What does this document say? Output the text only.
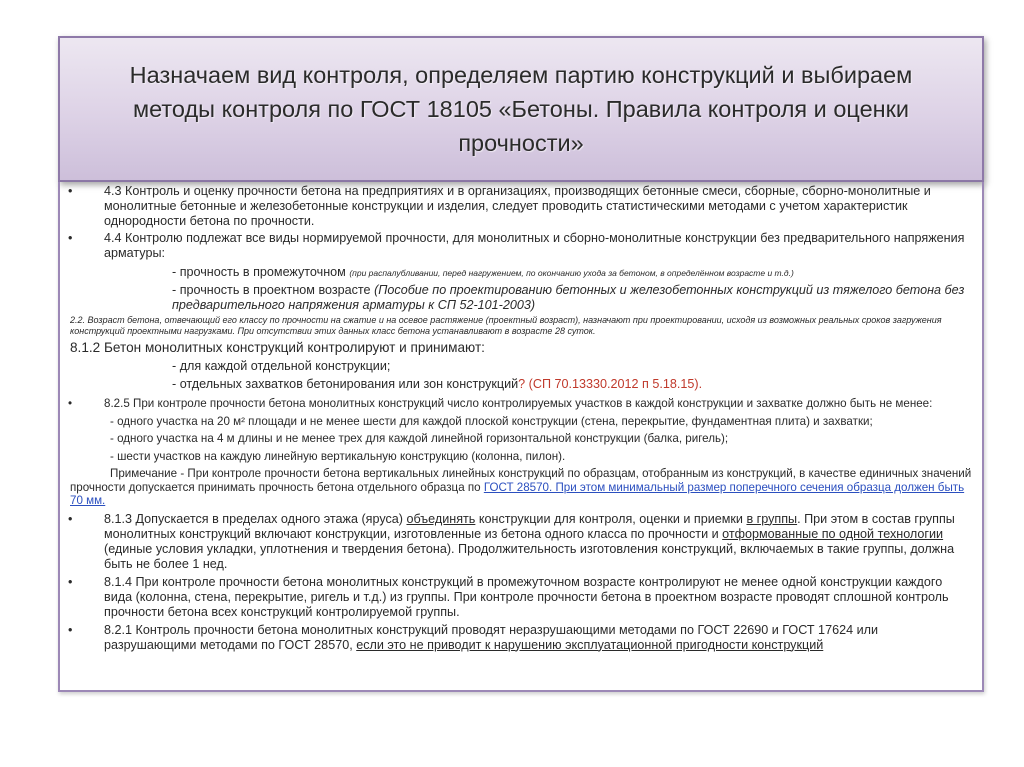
Назначаем вид контроля, определяем партию конструкций и выбираем
методы контроля по ГОСТ 18105 «Бетоны. Правила контроля и оценки
прочности»
•	4.3 Контроль и оценку прочности бетона на предприятиях и в организациях, производящих бетонные смеси, сборные, сборно-монолитные и монолитные бетонные и железобетонные конструкции и изделия, следует проводить статистическими методами с учетом характеристик однородности бетона по прочности.
•	4.4 Контролю подлежат все виды нормируемой прочности, для монолитных и сборно-монолитные конструкции без предварительного напряжения арматуры:
- прочность в промежуточном (при распалубливании, перед нагружением, по окончанию ухода за бетоном, в определённом возрасте и т.д.)
- прочность в проектном возрасте (Пособие по проектированию бетонных и железобетонных конструкций из тяжелого бетона без предварительного напряжения арматуры к СП 52-101-2003)
2.2. Возраст бетона, отвечающий его классу по прочности на сжатие и на осевое растяжение (проектный возраст), назначают при проектировании, исходя из возможных реальных сроков загружения конструкций проектными нагрузками. При отсутствии этих данных класс бетона устанавливают в возрасте 28 суток.
8.1.2 Бетон монолитных конструкций контролируют и принимают:
- для каждой отдельной конструкции;
- отдельных захватков бетонирования или зон конструкций? (СП 70.13330.2012 п 5.18.15).
•	8.2.5 При контроле прочности бетона монолитных конструкций число контролируемых участков в каждой конструкции и захватке должно быть не менее:
- одного участка на 20 м² площади и не менее шести для каждой плоской конструкции (стена, перекрытие, фундаментная плита) и захватки;
- одного участка на 4 м длины и не менее трех для каждой линейной горизонтальной конструкции (балка, ригель);
- шести участков на каждую линейную вертикальную конструкцию (колонна, пилон).
Примечание - При контроле прочности бетона вертикальных линейных конструкций по образцам, отобранным из конструкций, в качестве единичных значений прочности допускается принимать прочность бетона отдельного образца по ГОСТ 28570. При этом минимальный размер поперечного сечения образца должен быть 70 мм.
•	8.1.3 Допускается в пределах одного этажа (яруса) объединять конструкции для контроля, оценки и приемки в группы. При этом в состав группы монолитных конструкций включают конструкции, изготовленные из бетона одного класса по прочности и отформованные по одной технологии (единые условия укладки, уплотнения и твердения бетона). Продолжительность изготовления конструкций, включаемых в такие группы, должна быть не более 1 нед.
•	8.1.4 При контроле прочности бетона монолитных конструкций в промежуточном возрасте контролируют не менее одной конструкции каждого вида (колонна, стена, перекрытие, ригель и т.д.) из группы. При контроле прочности бетона в проектном возрасте проводят сплошной контроль прочности бетона всех конструкций контролируемой группы.
•	8.2.1 Контроль прочности бетона монолитных конструкций проводят неразрушающими методами по ГОСТ 22690 и ГОСТ 17624 или разрушающими методами по ГОСТ 28570, если это не приводит к нарушению эксплуатационной пригодности конструкций
